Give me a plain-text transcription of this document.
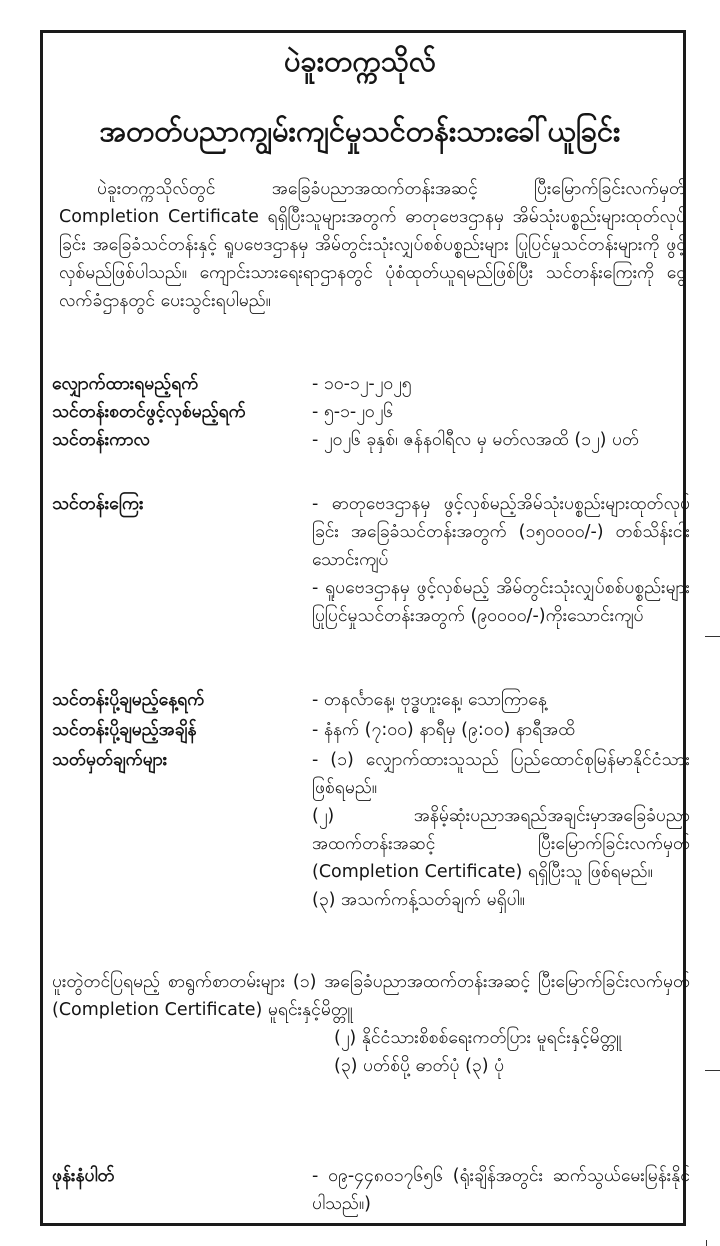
ပဲခူးတက္ကသိုလ်
အတတ်ပညာကျွမ်းကျင်မှုသင်တန်းသားခေါ်ယူခြင်း

ပဲခူးတက္ကသိုလ်တွင် အခြေခံပညာအထက်တန်းအဆင့် ပြီးမြောက်ခြင်းလက်မှတ် Completion Certificate ရရှိပြီးသူများအတွက် ဓာတုဗေဒဌာနမှ အိမ်သုံးပစ္စည်းများထုတ်လုပ်ခြင်း အခြေခံသင်တန်းနှင့် ရူပဗေဒဌာနမှ အိမ်တွင်းသုံးလျှပ်စစ်ပစ္စည်းများ ပြုပြင်မှုသင်တန်းများကို ဖွင့်လှစ်မည်ဖြစ်ပါသည်။ ကျောင်းသားရေးရာဌာနတွင် ပုံစံထုတ်ယူရမည်ဖြစ်ပြီး သင်တန်းကြေးကို ငွေလက်ခံဌာနတွင် ပေးသွင်းရပါမည်။

လျှောက်ထားရမည့်ရက်	- ၁၀-၁၂-၂၀၂၅
သင်တန်းစတင်ဖွင့်လှစ်မည့်ရက်	- ၅-၁-၂၀၂၆
သင်တန်းကာလ	- ၂၀၂၆ ခုနှစ်၊ ဇန်နဝါရီလ မှ မတ်လအထိ (၁၂) ပတ်
သင်တန်းကြေး	- ဓာတုဗေဒဌာနမှ ဖွင့်လှစ်မည့်အိမ်သုံးပစ္စည်းများထုတ်လုပ်ခြင်း အခြေခံသင်တန်းအတွက် (၁၅၀၀၀၀/-) တစ်သိန်းငါးသောင်းကျပ်

- ရူပဗေဒဌာနမှ ဖွင့်လှစ်မည့် အိမ်တွင်းသုံးလျှပ်စစ်ပစ္စည်းများ ပြုပြင်မှုသင်တန်းအတွက် (၉၀၀၀၀/-)ကိုးသောင်းကျပ်

သင်တန်းပို့ချမည့်နေ့ရက်	- တနင်္လာနေ့၊ ဗုဒ္ဓဟူးနေ့၊ သောကြာနေ့
သင်တန်းပို့ချမည့်အချိန်	- နံနက် (၇:၀၀) နာရီမှ (၉:၀၀) နာရီအထိ
သတ်မှတ်ချက်များ	- (၁) လျှောက်ထားသူသည် ပြည်ထောင်စုမြန်မာနိုင်ငံသား ဖြစ်ရမည်။

(၂) အနိမ့်ဆုံးပညာအရည်အချင်းမှာအခြေခံပညာအထက်တန်းအဆင့် ပြီးမြောက်ခြင်းလက်မှတ် (Completion Certificate) ရရှိပြီးသူ ဖြစ်ရမည်။

(၃) အသက်ကန့်သတ်ချက် မရှိပါ။

ပူးတွဲတင်ပြရမည့် စာရွက်စာတမ်းများ (၁) အခြေခံပညာအထက်တန်းအဆင့် ပြီးမြောက်ခြင်းလက်မှတ် (Completion Certificate) မူရင်းနှင့်မိတ္တူ

(၂) နိုင်ငံသားစိစစ်ရေးကတ်ပြား မူရင်းနှင့်မိတ္တူ

(၃) ပတ်စ်ပို့ ဓာတ်ပုံ (၃) ပုံ

ဖုန်းနံပါတ်	- ၀၉-၄၄၈၀၁၇၆၅၆ (ရုံးချိန်အတွင်း ဆက်သွယ်မေးမြန်းနိုင်ပါသည်။)
